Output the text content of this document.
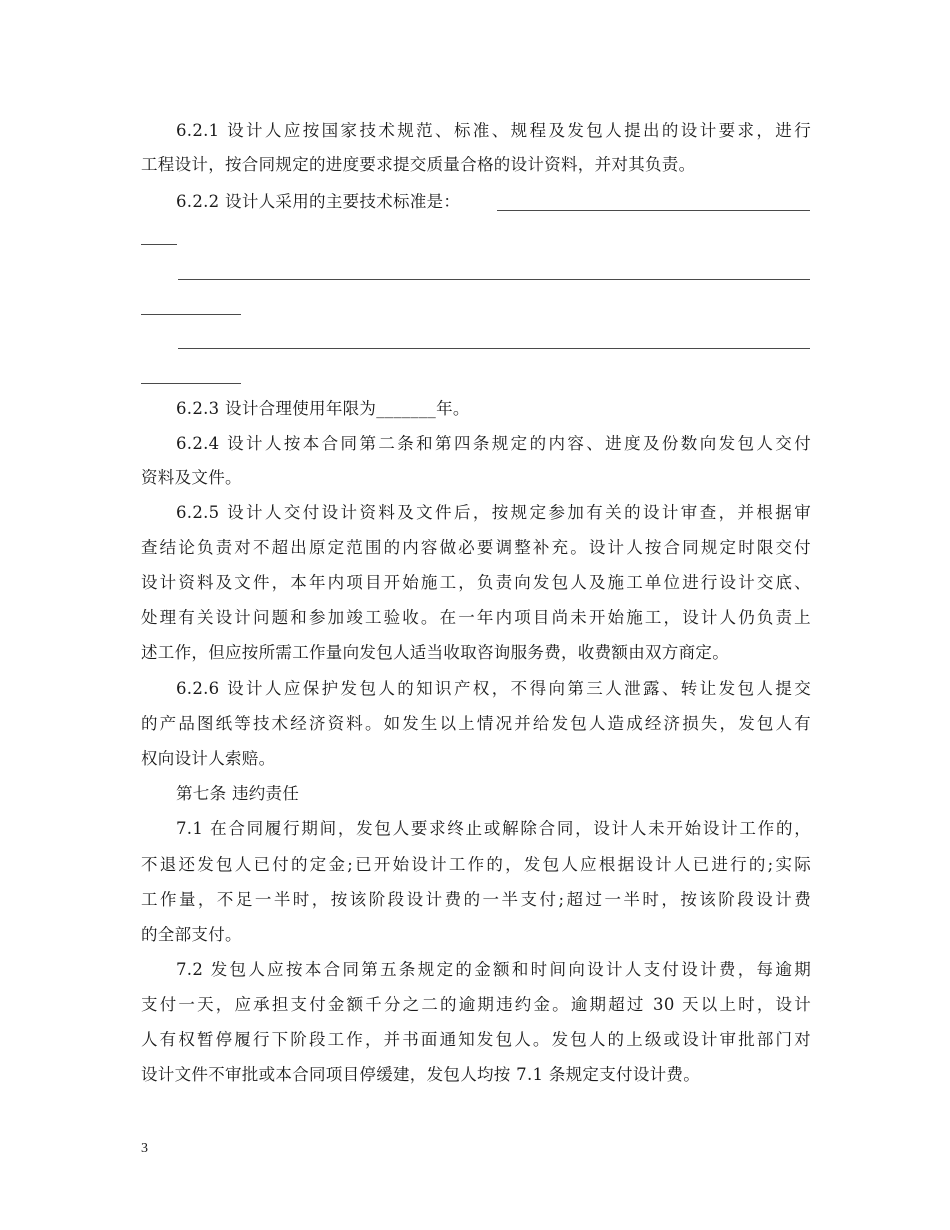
6.2.1 设计人应按国家技术规范、标准、规程及发包人提出的设计要求，进行
工程设计，按合同规定的进度要求提交质量合格的设计资料，并对其负责。
6.2.2 设计人采用的主要技术标准是：
6.2.3 设计合理使用年限为_______年。
6.2.4 设计人按本合同第二条和第四条规定的内容、进度及份数向发包人交付
资料及文件。
6.2.5 设计人交付设计资料及文件后，按规定参加有关的设计审查，并根据审
查结论负责对不超出原定范围的内容做必要调整补充。设计人按合同规定时限交付
设计资料及文件，本年内项目开始施工，负责向发包人及施工单位进行设计交底、
处理有关设计问题和参加竣工验收。在一年内项目尚未开始施工，设计人仍负责上
述工作，但应按所需工作量向发包人适当收取咨询服务费，收费额由双方商定。
6.2.6 设计人应保护发包人的知识产权，不得向第三人泄露、转让发包人提交
的产品图纸等技术经济资料。如发生以上情况并给发包人造成经济损失，发包人有
权向设计人索赔。
第七条 违约责任
7.1 在合同履行期间，发包人要求终止或解除合同，设计人未开始设计工作的，
不退还发包人已付的定金;已开始设计工作的，发包人应根据设计人已进行的;实际
工作量，不足一半时，按该阶段设计费的一半支付;超过一半时，按该阶段设计费
的全部支付。
7.2 发包人应按本合同第五条规定的金额和时间向设计人支付设计费，每逾期
支付一天，应承担支付金额千分之二的逾期违约金。逾期超过 30 天以上时，设计
人有权暂停履行下阶段工作，并书面通知发包人。发包人的上级或设计审批部门对
设计文件不审批或本合同项目停缓建，发包人均按 7.1 条规定支付设计费。
3
